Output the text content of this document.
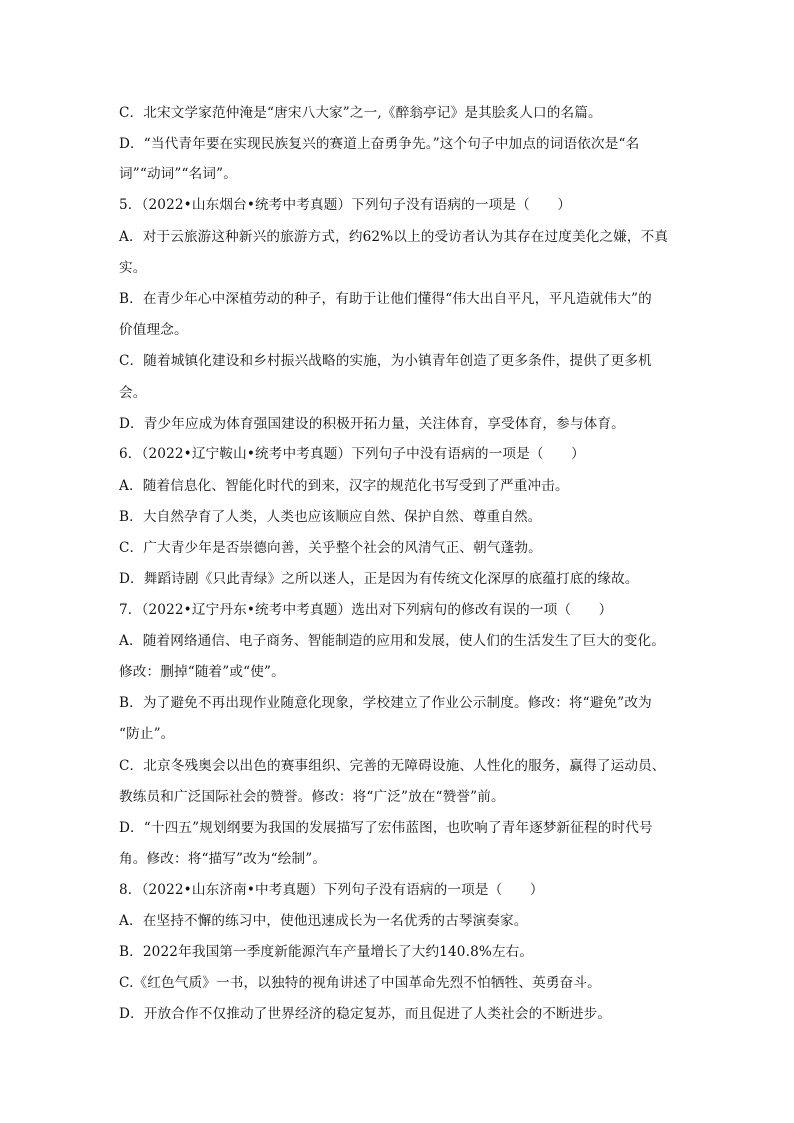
C．北宋文学家范仲淹是“唐宋八大家”之一,《醉翁亭记》是其脍炙人口的名篇。
D．“当代青年要在实现民族复兴的赛道上奋勇争先。”这个句子中加点的词语依次是“名
词”“动词”“名词”。
5．（2022•山东烟台•统考中考真题）下列句子没有语病的一项是（　　）
A．对于云旅游这种新兴的旅游方式，约62%以上的受访者认为其存在过度美化之嫌，不真
实。
B．在青少年心中深植劳动的种子，有助于让他们懂得“伟大出自平凡，平凡造就伟大”的
价值理念。
C．随着城镇化建设和乡村振兴战略的实施，为小镇青年创造了更多条件，提供了更多机
会。
D．青少年应成为体育强国建设的积极开拓力量，关注体育，享受体育，参与体育。
6．（2022•辽宁鞍山•统考中考真题）下列句子中没有语病的一项是（　　）
A．随着信息化、智能化时代的到来，汉字的规范化书写受到了严重冲击。
B．大自然孕育了人类，人类也应该顺应自然、保护自然、尊重自然。
C．广大青少年是否崇德向善，关乎整个社会的风清气正、朝气蓬勃。
D．舞蹈诗剧《只此青绿》之所以迷人，正是因为有传统文化深厚的底蕴打底的缘故。
7．（2022•辽宁丹东•统考中考真题）选出对下列病句的修改有误的一项（　　）
A．随着网络通信、电子商务、智能制造的应用和发展，使人们的生活发生了巨大的变化。
修改：删掉“随着”或“使”。
B．为了避免不再出现作业随意化现象，学校建立了作业公示制度。修改：将“避免”改为
“防止”。
C．北京冬残奥会以出色的赛事组织、完善的无障碍设施、人性化的服务，赢得了运动员、
教练员和广泛国际社会的赞誉。修改：将“广泛”放在“赞誉”前。
D．“十四五”规划纲要为我国的发展描写了宏伟蓝图，也吹响了青年逐梦新征程的时代号
角。修改：将“描写”改为“绘制”。
8．（2022•山东济南•中考真题）下列句子没有语病的一项是（　　）
A．在坚持不懈的练习中，使他迅速成长为一名优秀的古琴演奏家。
B．2022年我国第一季度新能源汽车产量增长了大约140.8%左右。
C.《红色气质》一书，以独特的视角讲述了中国革命先烈不怕牺牲、英勇奋斗。
D．开放合作不仅推动了世界经济的稳定复苏，而且促进了人类社会的不断进步。
